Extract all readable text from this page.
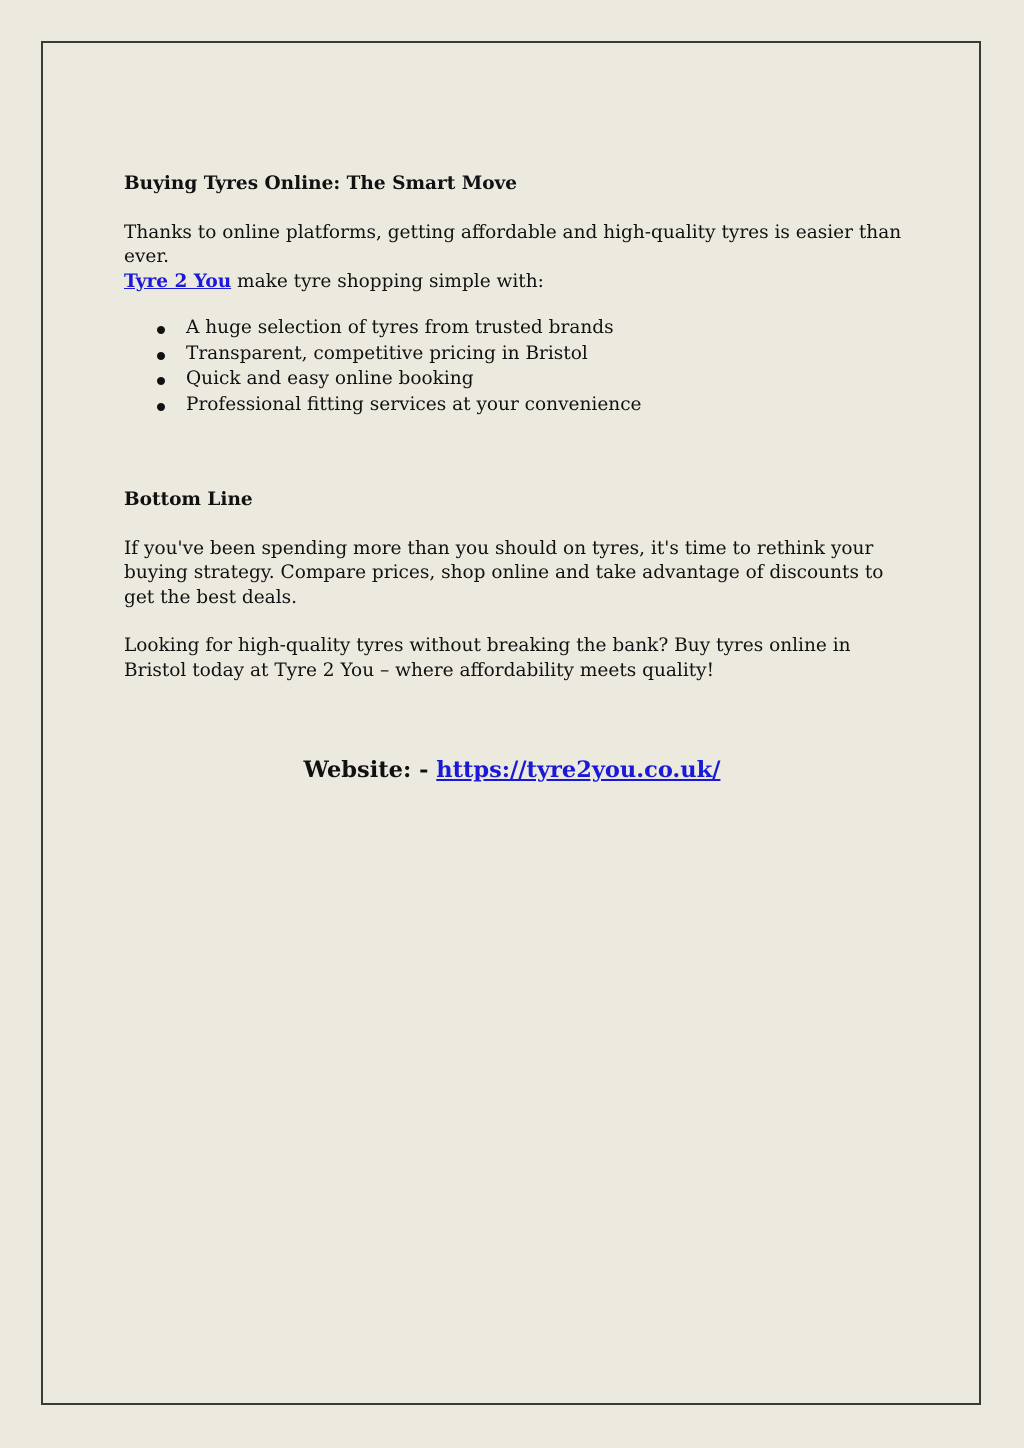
Buying Tyres Online: The Smart Move

Thanks to online platforms, getting affordable and high-quality tyres is easier than ever.
Tyre 2 You make tyre shopping simple with:

A huge selection of tyres from trusted brands
Transparent, competitive pricing in Bristol
Quick and easy online booking
Professional fitting services at your convenience

Bottom Line

If you've been spending more than you should on tyres, it's time to rethink your buying strategy. Compare prices, shop online and take advantage of discounts to get the best deals.

Looking for high-quality tyres without breaking the bank? Buy tyres online in Bristol today at Tyre 2 You – where affordability meets quality!

Website: - https://tyre2you.co.uk/
